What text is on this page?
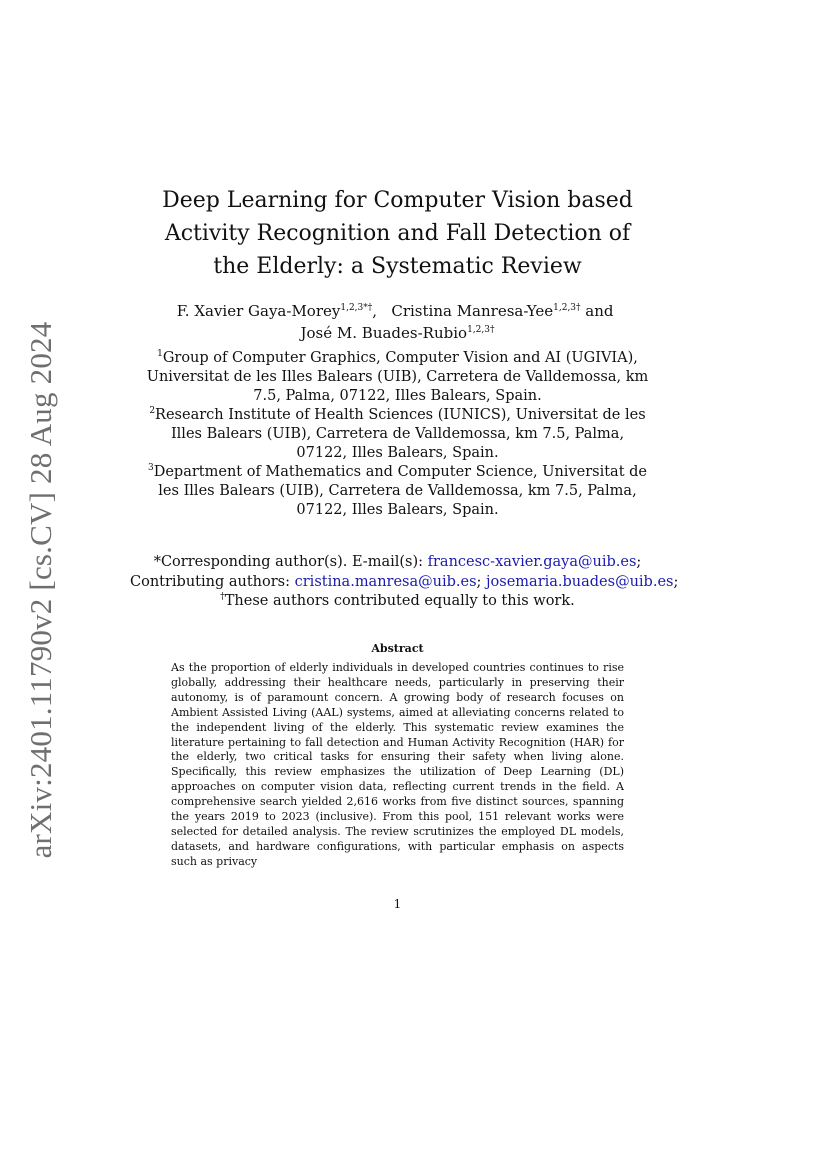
arXiv:2401.11790v2 [cs.CV] 28 Aug 2024
Deep Learning for Computer Vision based Activity Recognition and Fall Detection of the Elderly: a Systematic Review
F. Xavier Gaya-Morey$^{1,2,3*\dagger}$,   Cristina Manresa-Yee$^{1,2,3\dagger}$ and
José M. Buades-Rubio$^{1,2,3\dagger}$

$^1$Group of Computer Graphics, Computer Vision and AI (UGIVIA), Universitat de les Illes Balears (UIB), Carretera de Valldemossa, km 7.5, Palma, 07122, Illes Balears, Spain.

$^2$Research Institute of Health Sciences (IUNICS), Universitat de les Illes Balears (UIB), Carretera de Valldemossa, km 7.5, Palma, 07122, Illes Balears, Spain.

$^3$Department of Mathematics and Computer Science, Universitat de les Illes Balears (UIB), Carretera de Valldemossa, km 7.5, Palma, 07122, Illes Balears, Spain.

*Corresponding author(s). E-mail(s): francesc-xavier.gaya@uib.es;

Contributing authors: cristina.manresa@uib.es; josemaria.buades@uib.es;

†These authors contributed equally to this work.

Abstract

As the proportion of elderly individuals in developed countries continues to rise globally, addressing their healthcare needs, particularly in preserving their autonomy, is of paramount concern. A growing body of research focuses on Ambient Assisted Living (AAL) systems, aimed at alleviating concerns related to the independent living of the elderly. This systematic review examines the literature pertaining to fall detection and Human Activity Recognition (HAR) for the elderly, two critical tasks for ensuring their safety when living alone. Specifically, this review emphasizes the utilization of Deep Learning (DL) approaches on computer vision data, reflecting current trends in the field. A comprehensive search yielded 2,616 works from five distinct sources, spanning the years 2019 to 2023 (inclusive). From this pool, 151 relevant works were selected for detailed analysis. The review scrutinizes the employed DL models, datasets, and hardware configurations, with particular emphasis on aspects such as privacy

1
